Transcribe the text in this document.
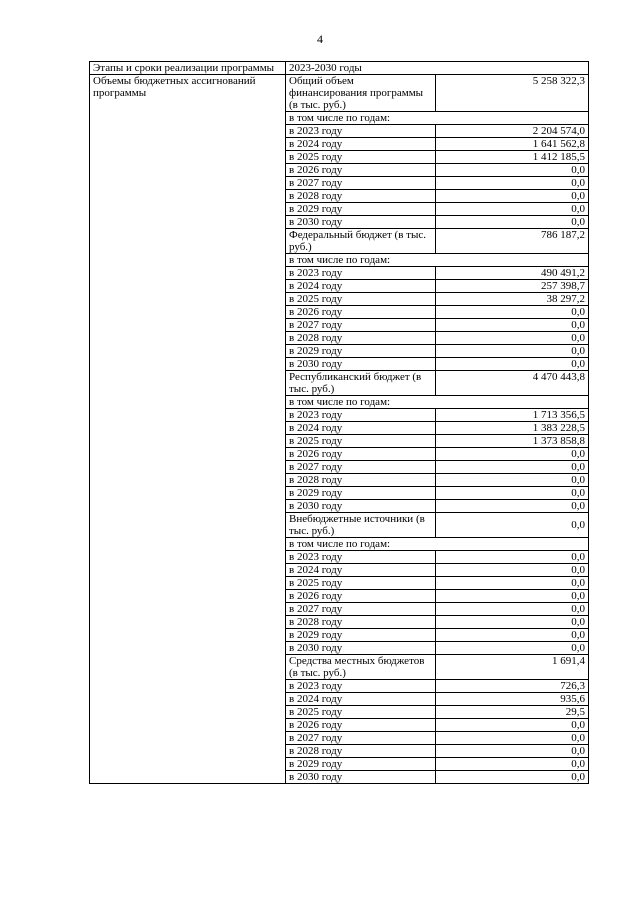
4
Этапы и сроки реализации программы	2023-2030 годы	
Объемы бюджетных ассигнований программы	Общий объем финансирования программы (в тыс. руб.)	5 258 322,3
	в том числе по годам:	
	в 2023 году	2 204 574,0
	в 2024 году	1 641 562,8
	в 2025 году	1 412 185,5
	в 2026 году	0,0
	в 2027 году	0,0
	в 2028 году	0,0
	в 2029 году	0,0
	в 2030 году	0,0
	Федеральный бюджет (в тыс. руб.)	786 187,2
	в том числе по годам:	
	в 2023 году	490 491,2
	в 2024 году	257 398,7
	в 2025 году	38 297,2
	в 2026 году	0,0
	в 2027 году	0,0
	в 2028 году	0,0
	в 2029 году	0,0
	в 2030 году	0,0
	Республиканский бюджет (в тыс. руб.)	4 470 443,8
	в том числе по годам:	
	в 2023 году	1 713 356,5
	в 2024 году	1 383 228,5
	в 2025 году	1 373 858,8
	в 2026 году	0,0
	в 2027 году	0,0
	в 2028 году	0,0
	в 2029 году	0,0
	в 2030 году	0,0
	Внебюджетные источники (в тыс. руб.)	0,0
	в том числе по годам:	
	в 2023 году	0,0
	в 2024 году	0,0
	в 2025 году	0,0
	в 2026 году	0,0
	в 2027 году	0,0
	в 2028 году	0,0
	в 2029 году	0,0
	в 2030 году	0,0
	Средства местных бюджетов (в тыс. руб.)	1 691,4
	в 2023 году	726,3
	в 2024 году	935,6
	в 2025 году	29,5
	в 2026 году	0,0
	в 2027 году	0,0
	в 2028 году	0,0
	в 2029 году	0,0
	в 2030 году	0,0
